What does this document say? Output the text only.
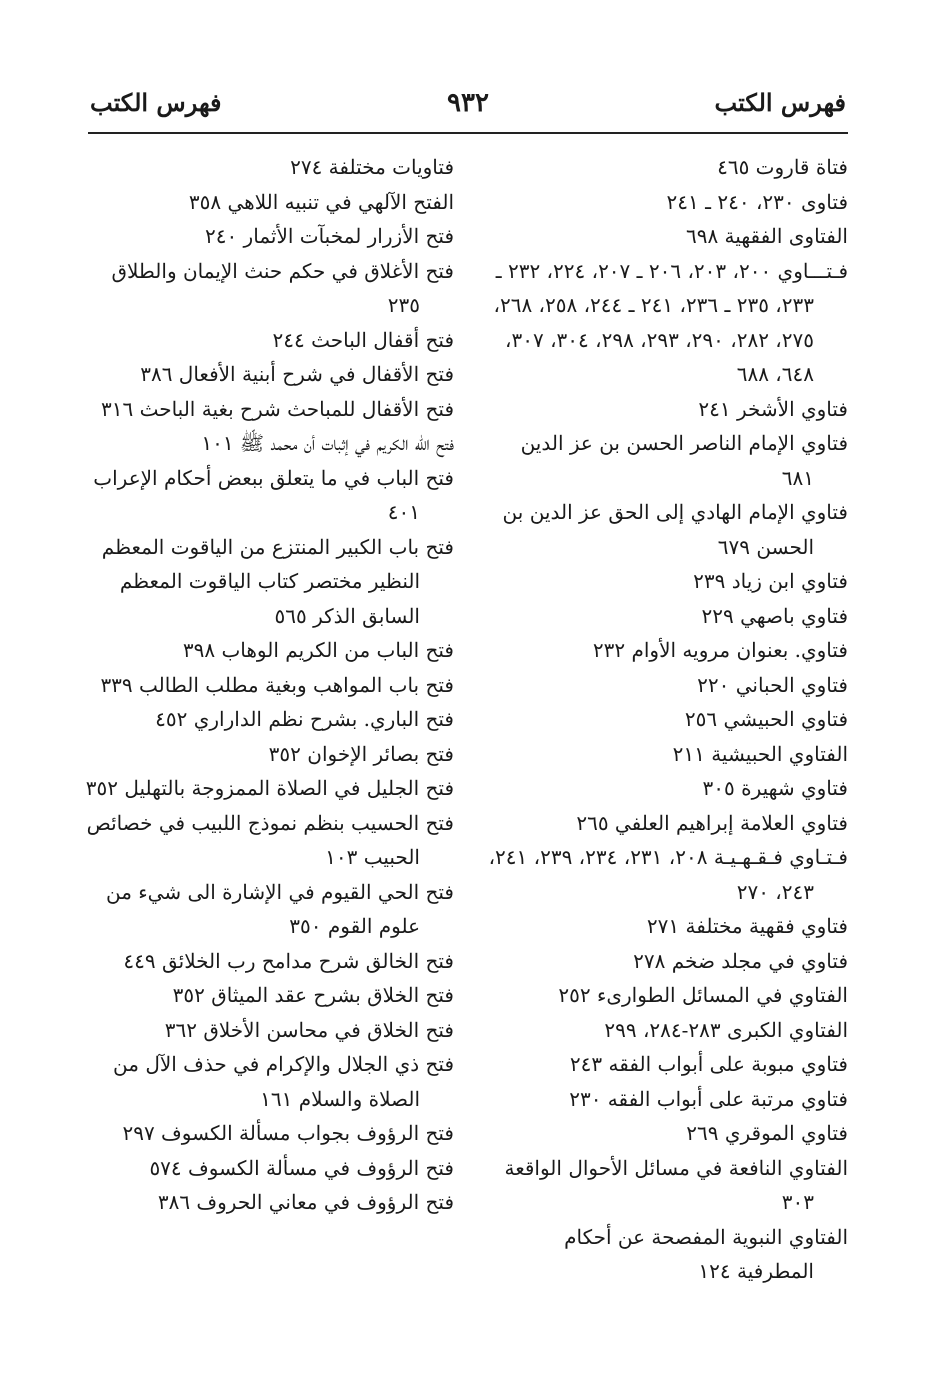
فهرس الكتب
٩٣٢
فهرس الكتب

فتاة قاروت ٤٦٥

فتاوى ٢٣٠، ٢٤٠ ـ ٢٤١

الفتاوى الفقهية ٦٩٨

فـتـــاوي ٢٠٠، ٢٠٣، ٢٠٦ ـ ٢٠٧، ٢٢٤، ٢٣٢ ـ ٢٣٣، ٢٣٥ ـ ٢٣٦، ٢٤١ ـ ٢٤٤، ٢٥٨، ٢٦٨، ٢٧٥، ٢٨٢، ٢٩٠، ٢٩٣، ٢٩٨، ٣٠٤، ٣٠٧، ٦٤٨، ٦٨٨

فتاوي الأشخر ٢٤١

فتاوي الإمام الناصر الحسن بن عز الدين ٦٨١

فتاوي الإمام الهادي إلى الحق عز الدين بن الحسن ٦٧٩

فتاوي ابن زياد ٢٣٩

فتاوي باصهي ٢٢٩

فتاوي. بعنوان مرويه الأوام ٢٣٢

فتاوي الحباني ٢٢٠

فتاوي الحبيشي ٢٥٦

الفتاوي الحبيشية ٢١١

فتاوي شهيرة ٣٠٥

فتاوي العلامة إبراهيم العلفي ٢٦٥

فـتـاوي فـقـهـيـة ٢٠٨، ٢٣١، ٢٣٤، ٢٣٩، ٢٤١، ٢٤٣، ٢٧٠

فتاوي فقهية مختلفة ٢٧١

فتاوي في مجلد ضخم ٢٧٨

الفتاوي في المسائل الطوارىء ٢٥٢

الفتاوي الكبرى ٢٨٣-٢٨٤، ٢٩٩

فتاوي مبوبة على أبواب الفقه ٢٤٣

فتاوي مرتبة على أبواب الفقه ٢٣٠

فتاوي الموقري ٢٦٩

الفتاوي النافعة في مسائل الأحوال الواقعة ٣٠٣

الفتاوي النبوية المفصحة عن أحكام المطرفية ١٢٤

فتاويات مختلفة ٢٧٤

الفتح الآلهي في تنبيه اللاهي ٣٥٨

فتح الأزرار لمخبآت الأثمار ٢٤٠

فتح الأغلاق في حكم حنث الإيمان والطلاق ٢٣٥

فتح أقفال الباحث ٢٤٤

فتح الأقفال في شرح أبنية الأفعال ٣٨٦

فتح الأقفال للمباحث شرح بغية الباحث ٣١٦

فتح الله الكريم في إثبات أن محمد ﷺ ١٠١

فتح الباب في ما يتعلق ببعض أحكام الإعراب ٤٠١

فتح باب الكبير المنتزع من الياقوت المعظم النظير مختصر كتاب الياقوت المعظم السابق الذكر ٥٦٥

فتح الباب من الكريم الوهاب ٣٩٨

فتح باب المواهب وبغية مطلب الطالب ٣٣٩

فتح الباري. بشرح نظم الداراري ٤٥٢

فتح بصائر الإخوان ٣٥٢

فتح الجليل في الصلاة الممزوجة بالتهليل ٣٥٢

فتح الحسيب بنظم نموذج اللبيب في خصائص الحبيب ١٠٣

فتح الحي القيوم في الإشارة الى شيء من علوم القوم ٣٥٠

فتح الخالق شرح مدامح رب الخلائق ٤٤٩

فتح الخلاق بشرح عقد الميثاق ٣٥٢

فتح الخلاق في محاسن الأخلاق ٣٦٢

فتح ذي الجلال والإكرام في حذف الآل من الصلاة والسلام ١٦١

فتح الرؤوف بجواب مسألة الكسوف ٢٩٧

فتح الرؤوف في مسألة الكسوف ٥٧٤

فتح الرؤوف في معاني الحروف ٣٨٦
